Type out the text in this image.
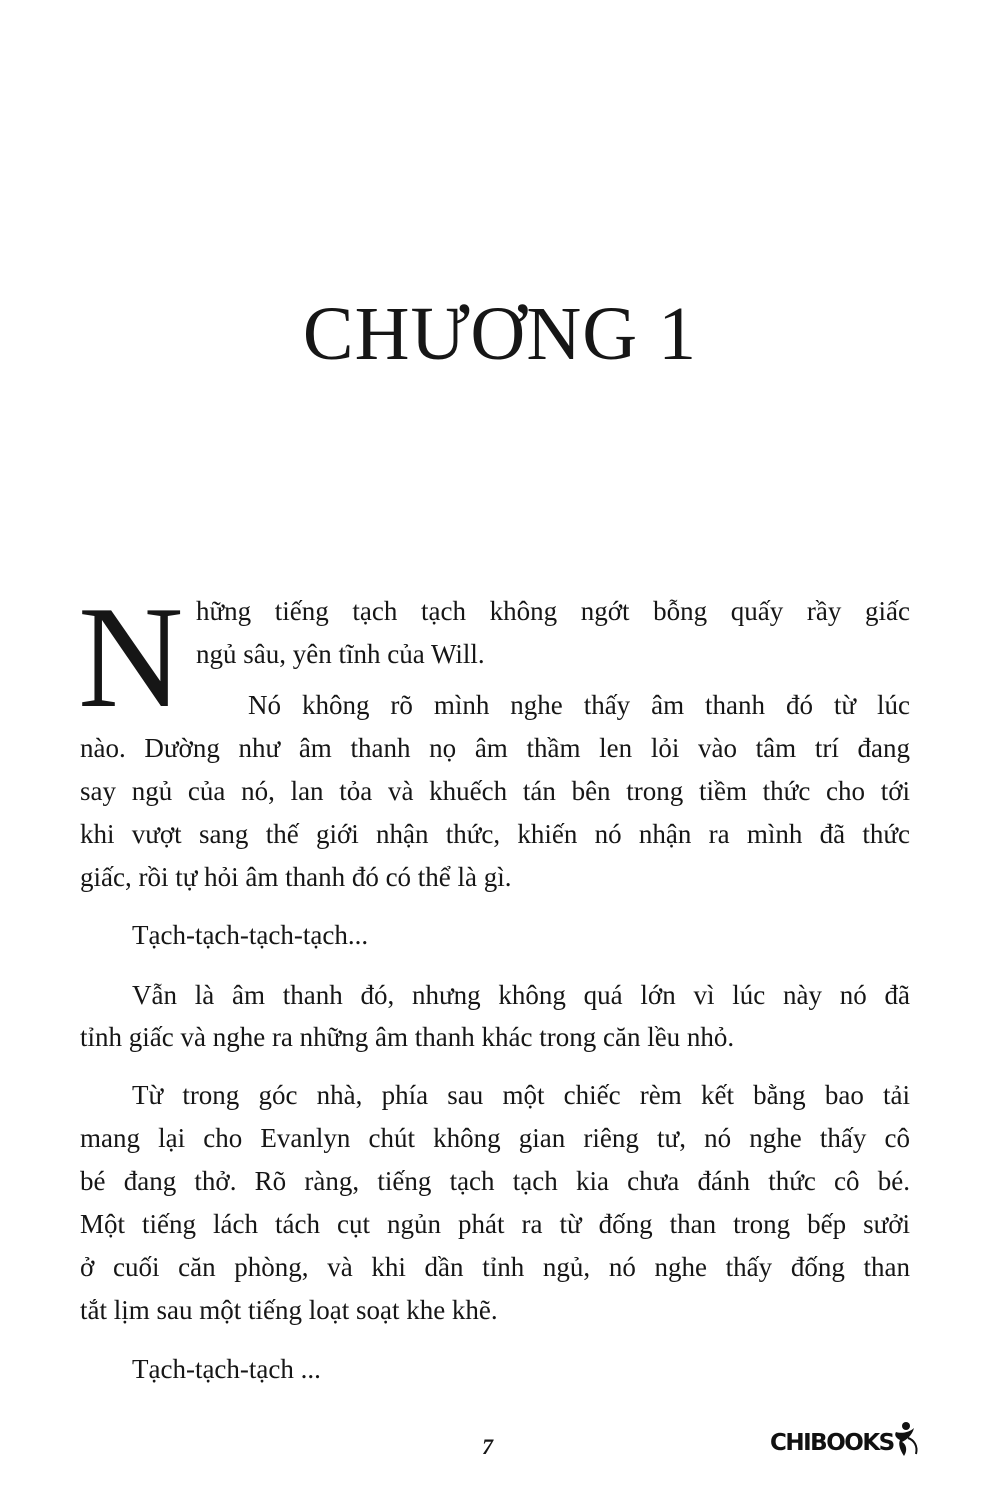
CHƯƠNG 1
N hững tiếng tạch tạch không ngớt bỗng quấy rầy giấc

ngủ sâu, yên tĩnh của Will.

Nó không rõ mình nghe thấy âm thanh đó từ lúc

nào. Dường như âm thanh nọ âm thầm len lỏi vào tâm trí đang

say ngủ của nó, lan tỏa và khuếch tán bên trong tiềm thức cho tới

khi vượt sang thế giới nhận thức, khiến nó nhận ra mình đã thức

giấc, rồi tự hỏi âm thanh đó có thể là gì.

Tạch-tạch-tạch-tạch...

Vẫn là âm thanh đó, nhưng không quá lớn vì lúc này nó đã

tỉnh giấc và nghe ra những âm thanh khác trong căn lều nhỏ.

Từ trong góc nhà, phía sau một chiếc rèm kết bằng bao tải

mang lại cho Evanlyn chút không gian riêng tư, nó nghe thấy cô

bé đang thở. Rõ ràng, tiếng tạch tạch kia chưa đánh thức cô bé.

Một tiếng lách tách cụt ngủn phát ra từ đống than trong bếp sưởi

ở cuối căn phòng, và khi dần tỉnh ngủ, nó nghe thấy đống than

tắt lịm sau một tiếng loạt soạt khe khẽ.

Tạch-tạch-tạch ...

7	CHIBOOKS
